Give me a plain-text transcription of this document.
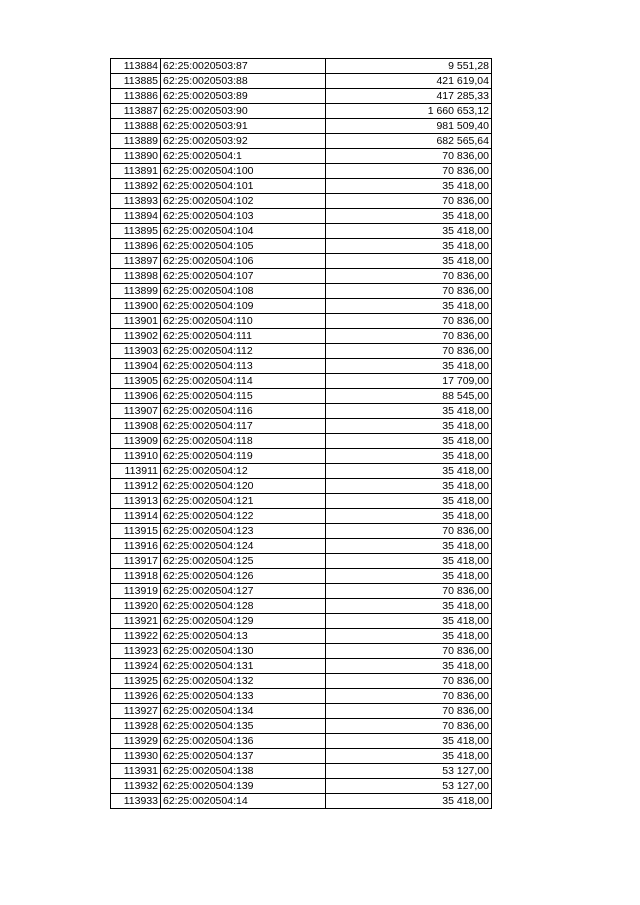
113884	62:25:0020503:87	9 551,28
113885	62:25:0020503:88	421 619,04
113886	62:25:0020503:89	417 285,33
113887	62:25:0020503:90	1 660 653,12
113888	62:25:0020503:91	981 509,40
113889	62:25:0020503:92	682 565,64
113890	62:25:0020504:1	70 836,00
113891	62:25:0020504:100	70 836,00
113892	62:25:0020504:101	35 418,00
113893	62:25:0020504:102	70 836,00
113894	62:25:0020504:103	35 418,00
113895	62:25:0020504:104	35 418,00
113896	62:25:0020504:105	35 418,00
113897	62:25:0020504:106	35 418,00
113898	62:25:0020504:107	70 836,00
113899	62:25:0020504:108	70 836,00
113900	62:25:0020504:109	35 418,00
113901	62:25:0020504:110	70 836,00
113902	62:25:0020504:111	70 836,00
113903	62:25:0020504:112	70 836,00
113904	62:25:0020504:113	35 418,00
113905	62:25:0020504:114	17 709,00
113906	62:25:0020504:115	88 545,00
113907	62:25:0020504:116	35 418,00
113908	62:25:0020504:117	35 418,00
113909	62:25:0020504:118	35 418,00
113910	62:25:0020504:119	35 418,00
113911	62:25:0020504:12	35 418,00
113912	62:25:0020504:120	35 418,00
113913	62:25:0020504:121	35 418,00
113914	62:25:0020504:122	35 418,00
113915	62:25:0020504:123	70 836,00
113916	62:25:0020504:124	35 418,00
113917	62:25:0020504:125	35 418,00
113918	62:25:0020504:126	35 418,00
113919	62:25:0020504:127	70 836,00
113920	62:25:0020504:128	35 418,00
113921	62:25:0020504:129	35 418,00
113922	62:25:0020504:13	35 418,00
113923	62:25:0020504:130	70 836,00
113924	62:25:0020504:131	35 418,00
113925	62:25:0020504:132	70 836,00
113926	62:25:0020504:133	70 836,00
113927	62:25:0020504:134	70 836,00
113928	62:25:0020504:135	70 836,00
113929	62:25:0020504:136	35 418,00
113930	62:25:0020504:137	35 418,00
113931	62:25:0020504:138	53 127,00
113932	62:25:0020504:139	53 127,00
113933	62:25:0020504:14	35 418,00
